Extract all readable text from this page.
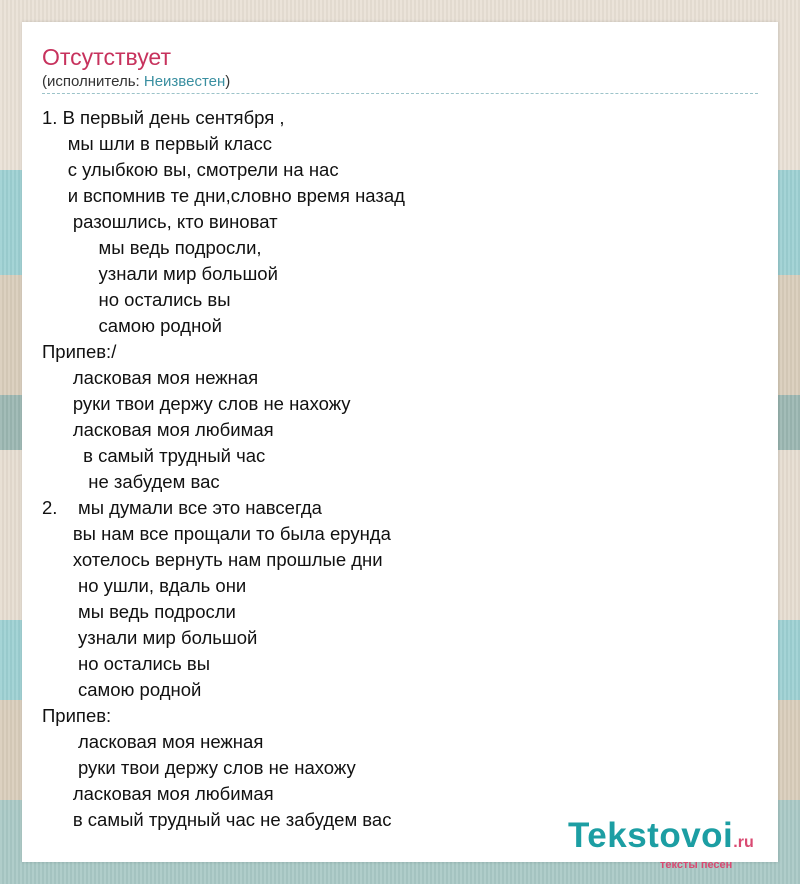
Отсутствует
(исполнитель: Неизвестен)
1. В первый день сентября ,
мы шли в первый класс
с улыбкою вы, смотрели на нас
и вспомнив те дни,словно время назад
разошлись, кто виноват
мы ведь подросли,
узнали мир большой
но остались вы
самою родной
Припев:/
ласковая моя нежная
руки твои держу слов не нахожу
ласковая моя любимая
в самый трудный час
не забудем вас
2.    мы думали все это навсегда
вы нам все прощали то была ерунда
хотелось вернуть нам прошлые дни
но ушли, вдаль они
мы ведь подросли
узнали мир большой
но остались вы
самою родной
Припев:
ласковая моя нежная
руки твои держу слов не нахожу
ласковая моя любимая
в самый трудный час не забудем вас	Tekstovoi.ru
тексты песен
